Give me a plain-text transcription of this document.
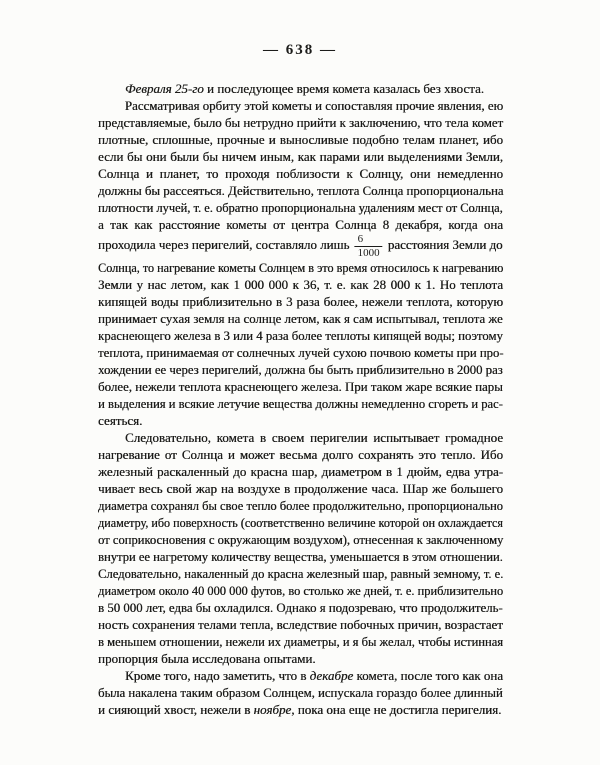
— 638 —
Февраля 25-го и последующее время комета казалась без хвоста.
Рассматривая орбиту этой кометы и сопоставляя прочие явления, ею
представляемые, было бы нетрудно прийти к заключению, что тела комет
плотные, сплошные, прочные и выносливые подобно телам планет, ибо
если бы они были бы ничем иным, как парами или выделениями Земли,
Солнца и планет, то проходя поблизости к Солнцу, они немедленно
должны бы рассеяться. Действительно, теплота Солнца пропорциональна
плотности лучей, т. е. обратно пропорциональна удалениям мест от Солнца,
а так как расстояние кометы от центра Солнца 8 декабря, когда она
проходила через перигелий, составляло лишь $\frac{6}{1000}$ расстояния Земли до
Солнца, то нагревание кометы Солнцем в это время относилось к нагреванию
Земли у нас летом, как 1 000 000 к 36, т. е. как 28 000 к 1. Но теплота
кипящей воды приблизительно в 3 раза более, нежели теплота, которую
принимает сухая земля на солнце летом, как я сам испытывал, теплота же
краснеющего железа в 3 или 4 раза более теплоты кипящей воды; поэтому
теплота, принимаемая от солнечных лучей сухою почвою кометы при про-
хождении ее через перигелий, должна бы быть приблизительно в 2000 раз
более, нежели теплота краснеющего железа. При таком жаре всякие пары
и выделения и всякие летучие вещества должны немедленно сгореть и рас-
сеяться.
Следовательно, комета в своем перигелии испытывает громадное
нагревание от Солнца и может весьма долго сохранять это тепло. Ибо
железный раскаленный до красна шар, диаметром в 1 дюйм, едва утра-
чивает весь свой жар на воздухе в продолжение часа. Шар же большего
диаметра сохранял бы свое тепло более продолжительно, пропорционально
диаметру, ибо поверхность (соответственно величине которой он охлаждается
от соприкосновения с окружающим воздухом), отнесенная к заключенному
внутри ее нагретому количеству вещества, уменьшается в этом отношении.
Следовательно, накаленный до красна железный шар, равный земному, т. е.
диаметром около 40 000 000 футов, во столько же дней, т. е. приблизительно
в 50 000 лет, едва бы охладился. Однако я подозреваю, что продолжитель-
ность сохранения телами тепла, вследствие побочных причин, возрастает
в меньшем отношении, нежели их диаметры, и я бы желал, чтобы истинная
пропорция была исследована опытами.
Кроме того, надо заметить, что в декабре комета, после того как она
была накалена таким образом Солнцем, испускала гораздо более длинный
и сияющий хвост, нежели в ноябре, пока она еще не достигла перигелия.
